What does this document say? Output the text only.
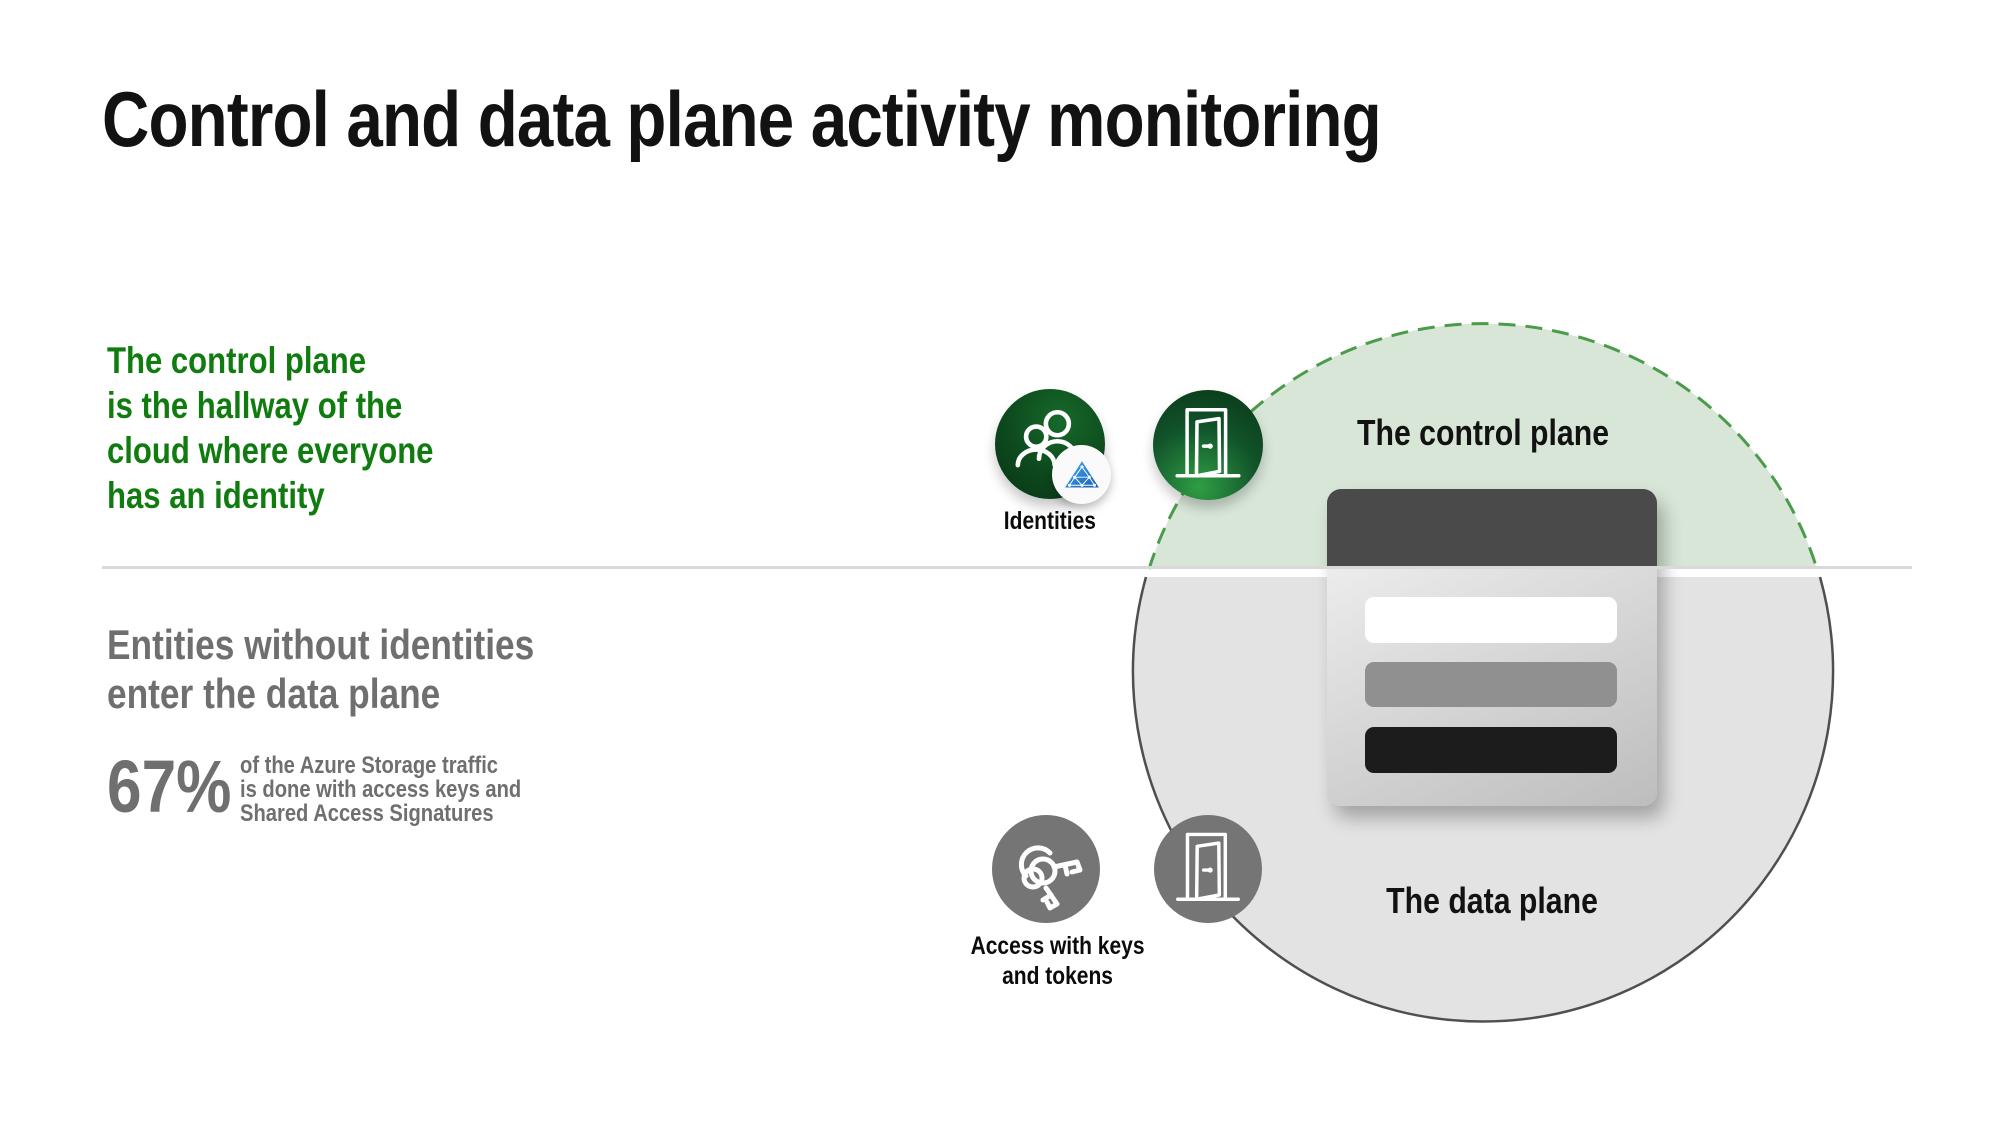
Control and data plane activity monitoring
The control plane
is the hallway of the
cloud where everyone
has an identity
Entities without identities
enter the data plane
67% of the Azure Storage traffic
is done with access keys and
Shared Access Signatures
The control plane
The data plane
Identities
Access with keys
and tokens
